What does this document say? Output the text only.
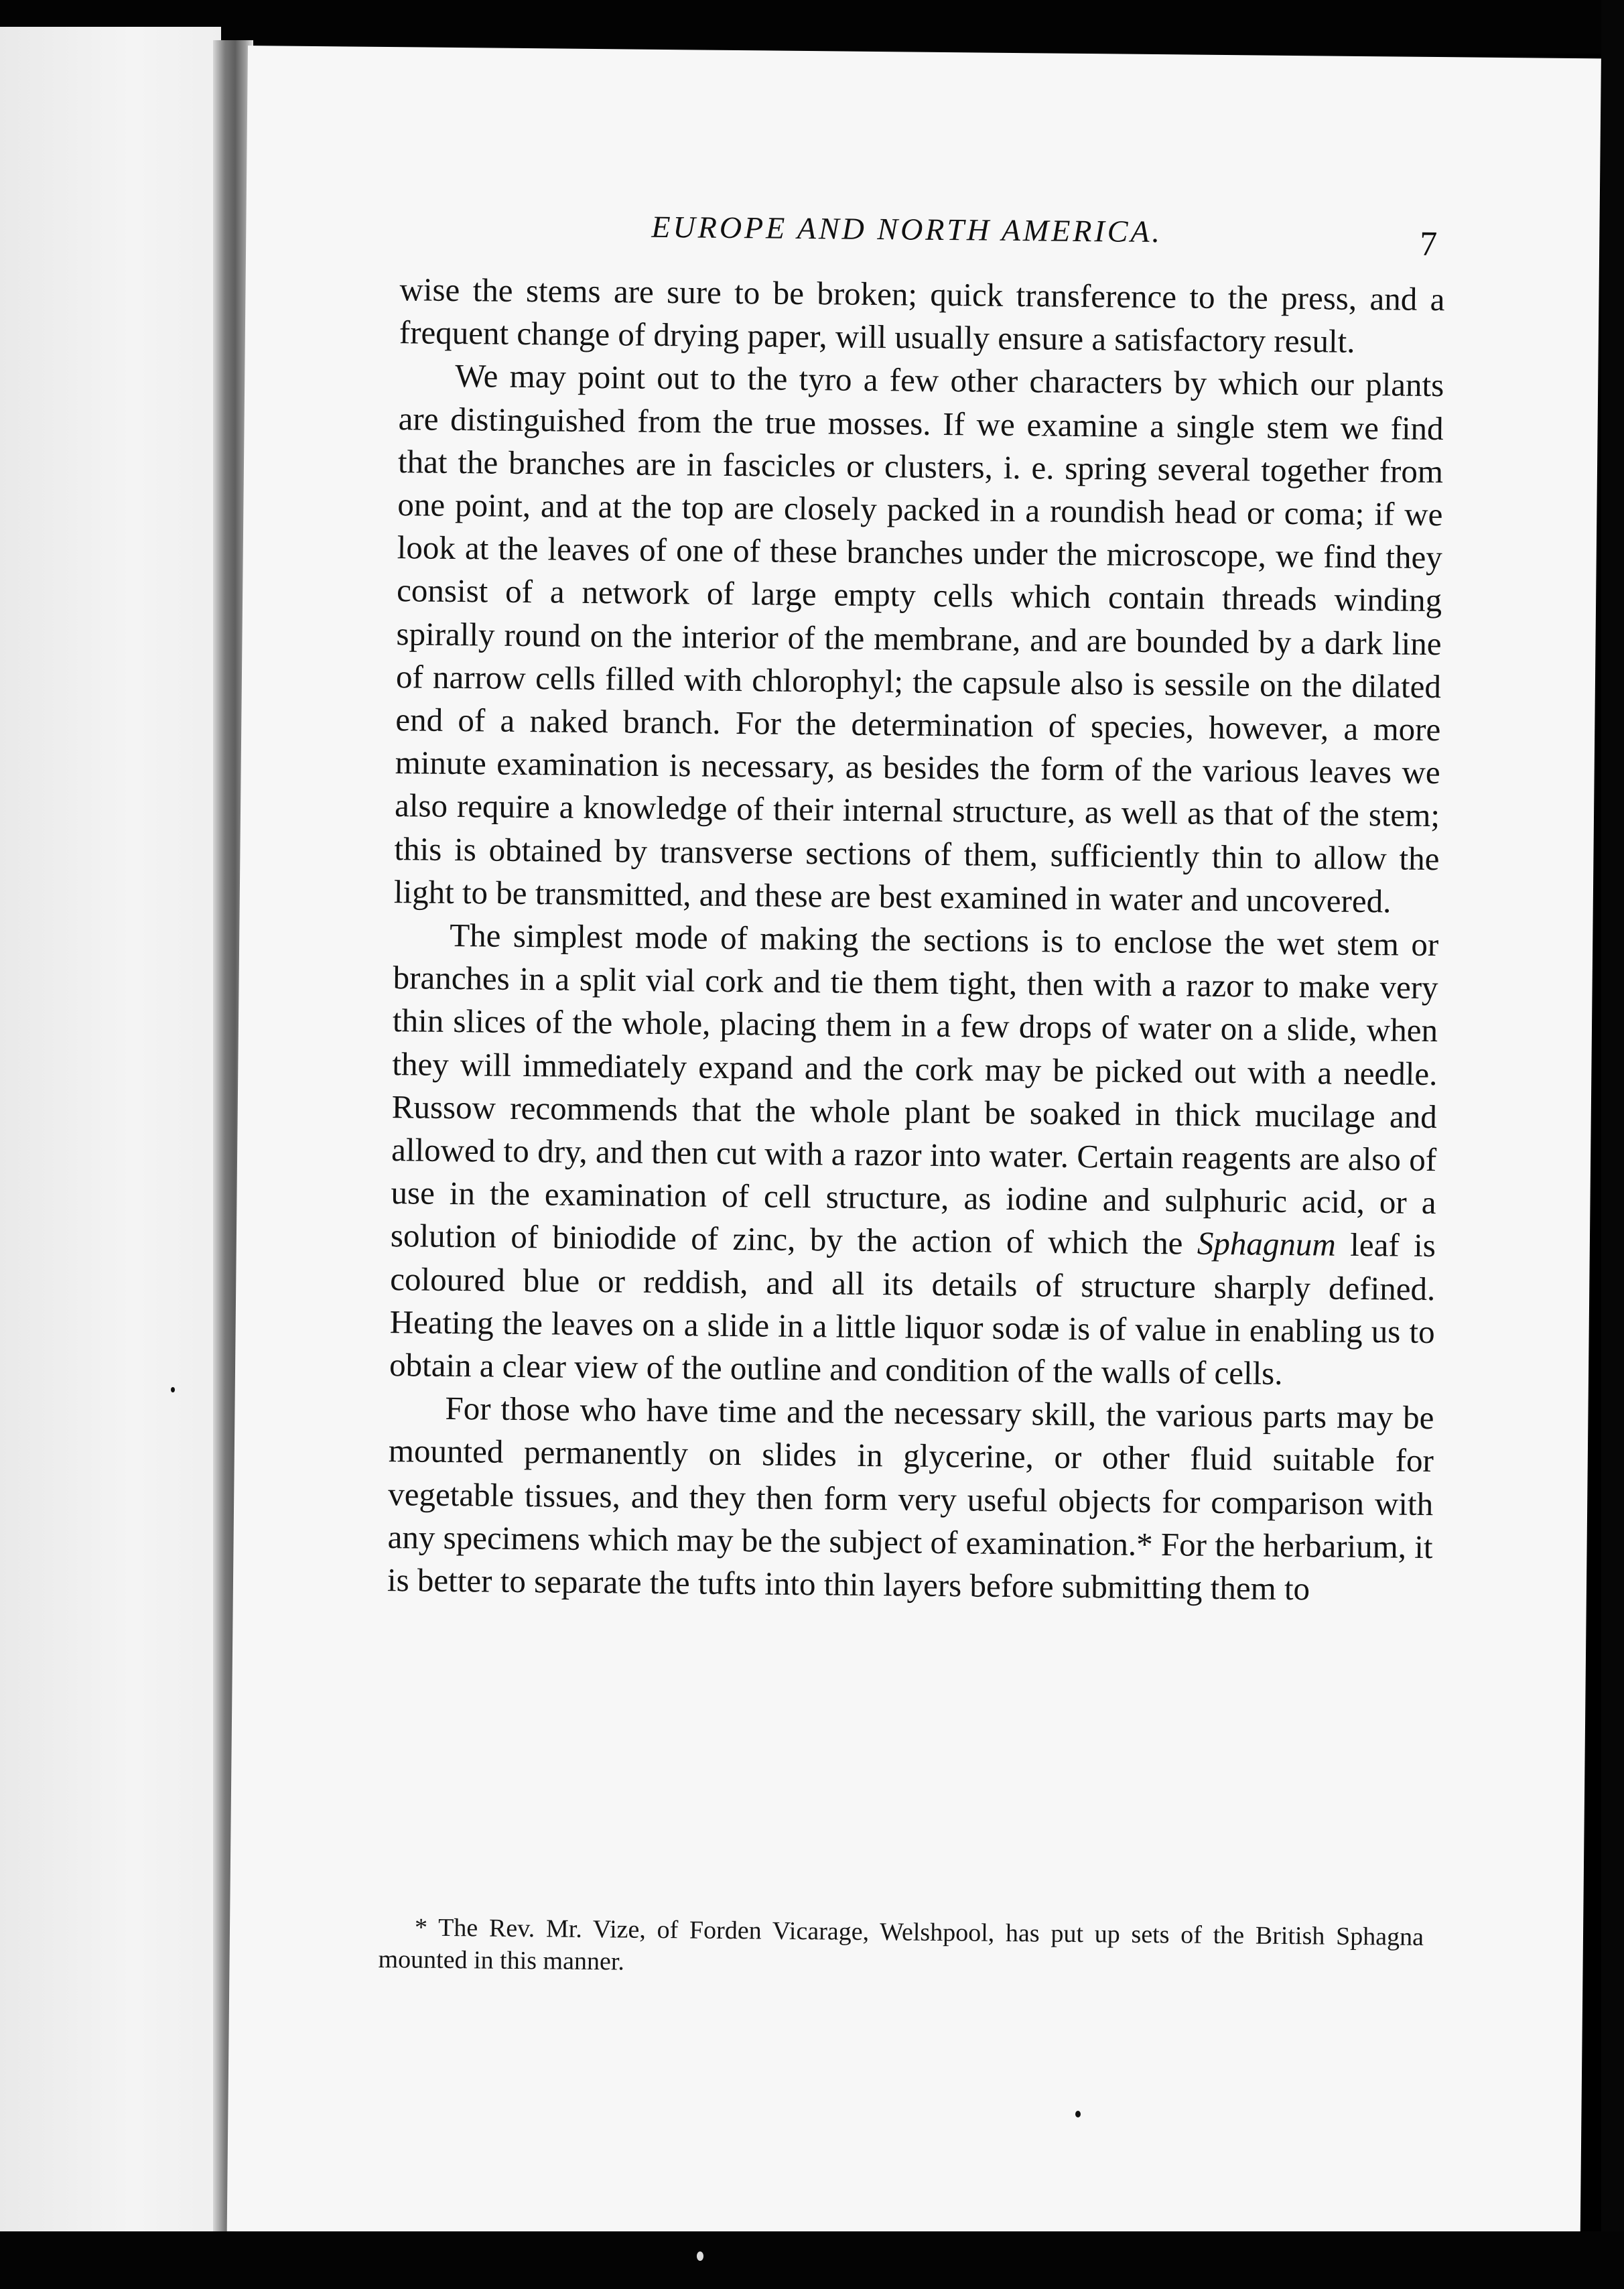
EUROPE AND NORTH AMERICA.	7

wise the stems are sure to be broken; quick transference to the press, and a frequent change of drying paper, will usually ensure a satisfactory result.

We may point out to the tyro a few other characters by which our plants are distinguished from the true mosses. If we examine a single stem we find that the branches are in fascicles or clusters, i. e. spring several together from one point, and at the top are closely packed in a roundish head or coma; if we look at the leaves of one of these branches under the microscope, we find they consist of a network of large empty cells which contain threads winding spirally round on the interior of the membrane, and are bounded by a dark line of narrow cells filled with chlorophyl; the capsule also is sessile on the dilated end of a naked branch. For the determination of species, however, a more minute examination is necessary, as besides the form of the various leaves we also require a knowledge of their internal structure, as well as that of the stem; this is obtained by transverse sections of them, sufficiently thin to allow the light to be transmitted, and these are best examined in water and uncovered.

The simplest mode of making the sections is to enclose the wet stem or branches in a split vial cork and tie them tight, then with a razor to make very thin slices of the whole, placing them in a few drops of water on a slide, when they will immediately expand and the cork may be picked out with a needle. Russow recommends that the whole plant be soaked in thick mucilage and allowed to dry, and then cut with a razor into water. Certain reagents are also of use in the examination of cell structure, as iodine and sulphuric acid, or a solution of biniodide of zinc, by the action of which the Sphagnum leaf is coloured blue or reddish, and all its details of structure sharply defined. Heating the leaves on a slide in a little liquor sodæ is of value in enabling us to obtain a clear view of the outline and condition of the walls of cells.

For those who have time and the necessary skill, the various parts may be mounted permanently on slides in glycerine, or other fluid suitable for vegetable tissues, and they then form very useful objects for comparison with any specimens which may be the subject of examination.* For the herbarium, it is better to separate the tufts into thin layers before submitting them to

* The Rev. Mr. Vize, of Forden Vicarage, Welshpool, has put up sets of the British Sphagna mounted in this manner.
